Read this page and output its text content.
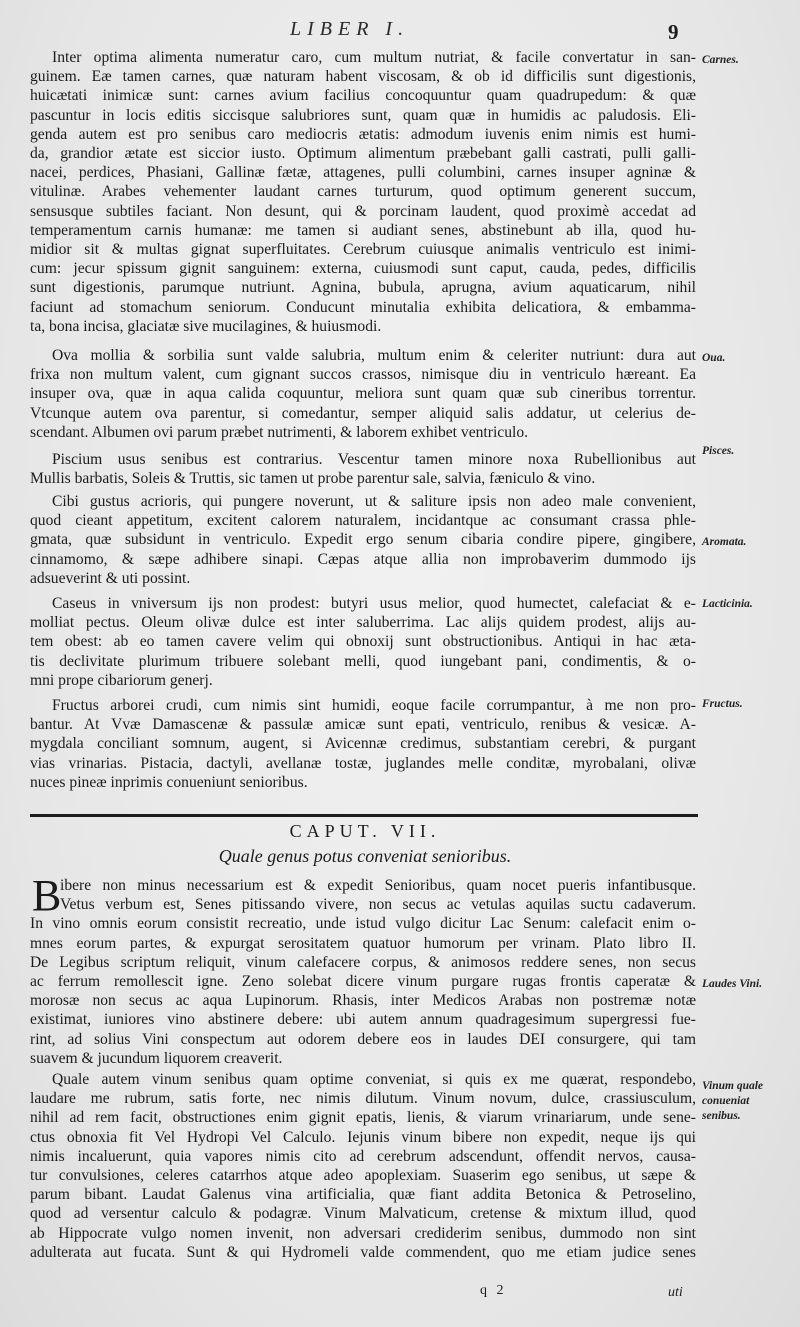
LIBER I.	9
Inter optima alimenta numeratur caro, cum multum nutriat, & facile convertatur in san-
guinem. Eæ tamen carnes, quæ naturam habent viscosam, & ob id difficilis sunt digestionis,
huicætati inimicæ sunt: carnes avium facilius concoquuntur quam quadrupedum: & quæ
pascuntur in locis editis siccisque salubriores sunt, quam quæ in humidis ac paludosis. Eli-
genda autem est pro senibus caro mediocris ætatis: admodum iuvenis enim nimis est humi-
da, grandior ætate est siccior iusto. Optimum alimentum præbebant galli castrati, pulli galli-
nacei, perdices, Phasiani, Gallinæ fætæ, attagenes, pulli columbini, carnes insuper agninæ &
vitulinæ. Arabes vehementer laudant carnes turturum, quod optimum generent succum,
sensusque subtiles faciant. Non desunt, qui & porcinam laudent, quod proximè accedat ad
temperamentum carnis humanæ: me tamen si audiant senes, abstinebunt ab illa, quod hu-
midior sit & multas gignat superfluitates. Cerebrum cuiusque animalis ventriculo est inimi-
cum: jecur spissum gignit sanguinem: externa, cuiusmodi sunt caput, cauda, pedes, difficilis
sunt digestionis, parumque nutriunt. Agnina, bubula, aprugna, avium aquaticarum, nihil
faciunt ad stomachum seniorum. Conducunt minutalia exhibita delicatiora, & embamma-
ta, bona incisa, glaciatæ sive mucilagines, & huiusmodi.
Ova mollia & sorbilia sunt valde salubria, multum enim & celeriter nutriunt: dura aut
frixa non multum valent, cum gignant succos crassos, nimisque diu in ventriculo hæreant. Ea
insuper ova, quæ in aqua calida coquuntur, meliora sunt quam quæ sub cineribus torrentur.
Vtcunque autem ova parentur, si comedantur, semper aliquid salis addatur, ut celerius de-
scendant. Albumen ovi parum præbet nutrimenti, & laborem exhibet ventriculo.
Piscium usus senibus est contrarius. Vescentur tamen minore noxa Rubellionibus aut
Mullis barbatis, Soleis & Truttis, sic tamen ut probe parentur sale, salvia, fæniculo & vino.
Cibi gustus acrioris, qui pungere noverunt, ut & saliture ipsis non adeo male convenient,
quod cieant appetitum, excitent calorem naturalem, incidantque ac consumant crassa phle-
gmata, quæ subsidunt in ventriculo. Expedit ergo senum cibaria condire pipere, gingibere,
cinnamomo, & sæpe adhibere sinapi. Cæpas atque allia non improbaverim dummodo ijs
adsueverint & uti possint.
Caseus in vniversum ijs non prodest: butyri usus melior, quod humectet, calefaciat & e-
molliat pectus. Oleum olivæ dulce est inter saluberrima. Lac alijs quidem prodest, alijs au-
tem obest: ab eo tamen cavere velim qui obnoxij sunt obstructionibus. Antiqui in hac æta-
tis declivitate plurimum tribuere solebant melli, quod iungebant pani, condimentis, & o-
mni prope cibariorum generj.
Fructus arborei crudi, cum nimis sint humidi, eoque facile corrumpantur, à me non pro-
bantur. At Vvæ Damascenæ & passulæ amicæ sunt epati, ventriculo, renibus & vesicæ. A-
mygdala conciliant somnum, augent, si Avicennæ credimus, substantiam cerebri, & purgant
vias vrinarias. Pistacia, dactyli, avellanæ tostæ, juglandes melle conditæ, myrobalani, olivæ
nuces pineæ inprimis conueniunt senioribus.
Carnes.
Oua.
Pisces.
Aromata.
Lacticinia.
Fructus.
CAPUT. VII.
Quale genus potus conveniat senioribus.
B
ibere non minus necessarium est & expedit Senioribus, quam nocet pueris infantibusque.
Vetus verbum est, Senes pitissando vivere, non secus ac vetulas aquilas suctu cadaverum.
In vino omnis eorum consistit recreatio, unde istud vulgo dicitur Lac Senum: calefacit enim o-
mnes eorum partes, & expurgat serositatem quatuor humorum per vrinam. Plato libro II.
De Legibus scriptum reliquit, vinum calefacere corpus, & animosos reddere senes, non secus
ac ferrum remollescit igne. Zeno solebat dicere vinum purgare rugas frontis caperatæ &
morosæ non secus ac aqua Lupinorum. Rhasis, inter Medicos Arabas non postremæ notæ
existimat, iuniores vino abstinere debere: ubi autem annum quadragesimum supergressi fue-
rint, ad solius Vini conspectum aut odorem debere eos in laudes DEI consurgere, qui tam
suavem & jucundum liquorem creaverit.
Quale autem vinum senibus quam optime conveniat, si quis ex me quærat, respondebo,
laudare me rubrum, satis forte, nec nimis dilutum. Vinum novum, dulce, crassiusculum,
nihil ad rem facit, obstructiones enim gignit epatis, lienis, & viarum vrinariarum, unde sene-
ctus obnoxia fit Vel Hydropi Vel Calculo. Iejunis vinum bibere non expedit, neque ijs qui
nimis incaluerunt, quia vapores nimis cito ad cerebrum adscendunt, offendit nervos, causa-
tur convulsiones, celeres catarrhos atque adeo apoplexiam. Suaserim ego senibus, ut sæpe &
parum bibant. Laudat Galenus vina artificialia, quæ fiant addita Betonica & Petroselino,
quod ad versentur calculo & podagræ. Vinum Malvaticum, cretense & mixtum illud, quod
ab Hippocrate vulgo nomen invenit, non adversari crediderim senibus, dummodo non sint
adulterata aut fucata. Sunt & qui Hydromeli valde commendent, quo me etiam judice senes
Laudes Vini.
Vinum quale
conueniat
senibus.
q 2	uti
